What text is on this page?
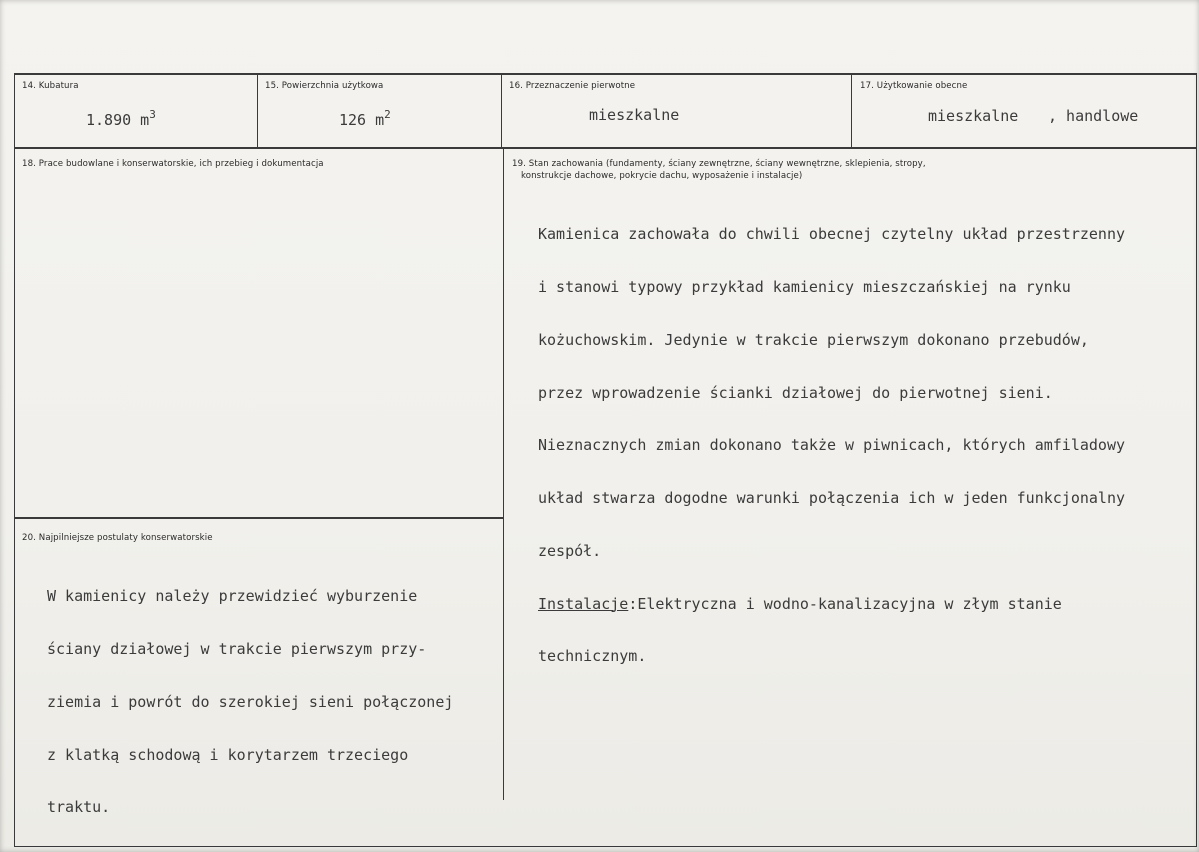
14. Kubatura
1.890 $m^3$
15. Powierzchnia użytkowa
126 $m^2$
16. Przeznaczenie pierwotne
mieszkalne
17. Użytkowanie obecne
mieszkalne , handlowe
18. Prace budowlane i konserwatorskie, ich przebieg i dokumentacja	19. Stan zachowania (fundamenty, ściany zewnętrzne, ściany wewnętrzne, sklepienia, stropy,
konstrukcje dachowe, pokrycie dachu, wyposażenie i instalacje)

Kamienica zachowała do chwili obecnej czytelny układ przestrzenny

i stanowi typowy przykład kamienicy mieszczańskiej na rynku

kożuchowskim. Jedynie w trakcie pierwszym dokonano przebudów,

przez wprowadzenie ścianki działowej do pierwotnej sieni.

Nieznacznych zmian dokonano także w piwnicach, których amfiladowy

układ stwarza dogodne warunki połączenia ich w jeden funkcjonalny

zespół.

Instalacje:Elektryczna i wodno-kanalizacyjna w złym stanie

technicznym.

20. Najpilniejsze postulaty konserwatorskie

W kamienicy należy przewidzieć wyburzenie

ściany działowej w trakcie pierwszym przy-

ziemia i powrót do szerokiej sieni połączonej

z klatką schodową i korytarzem trzeciego

traktu.
